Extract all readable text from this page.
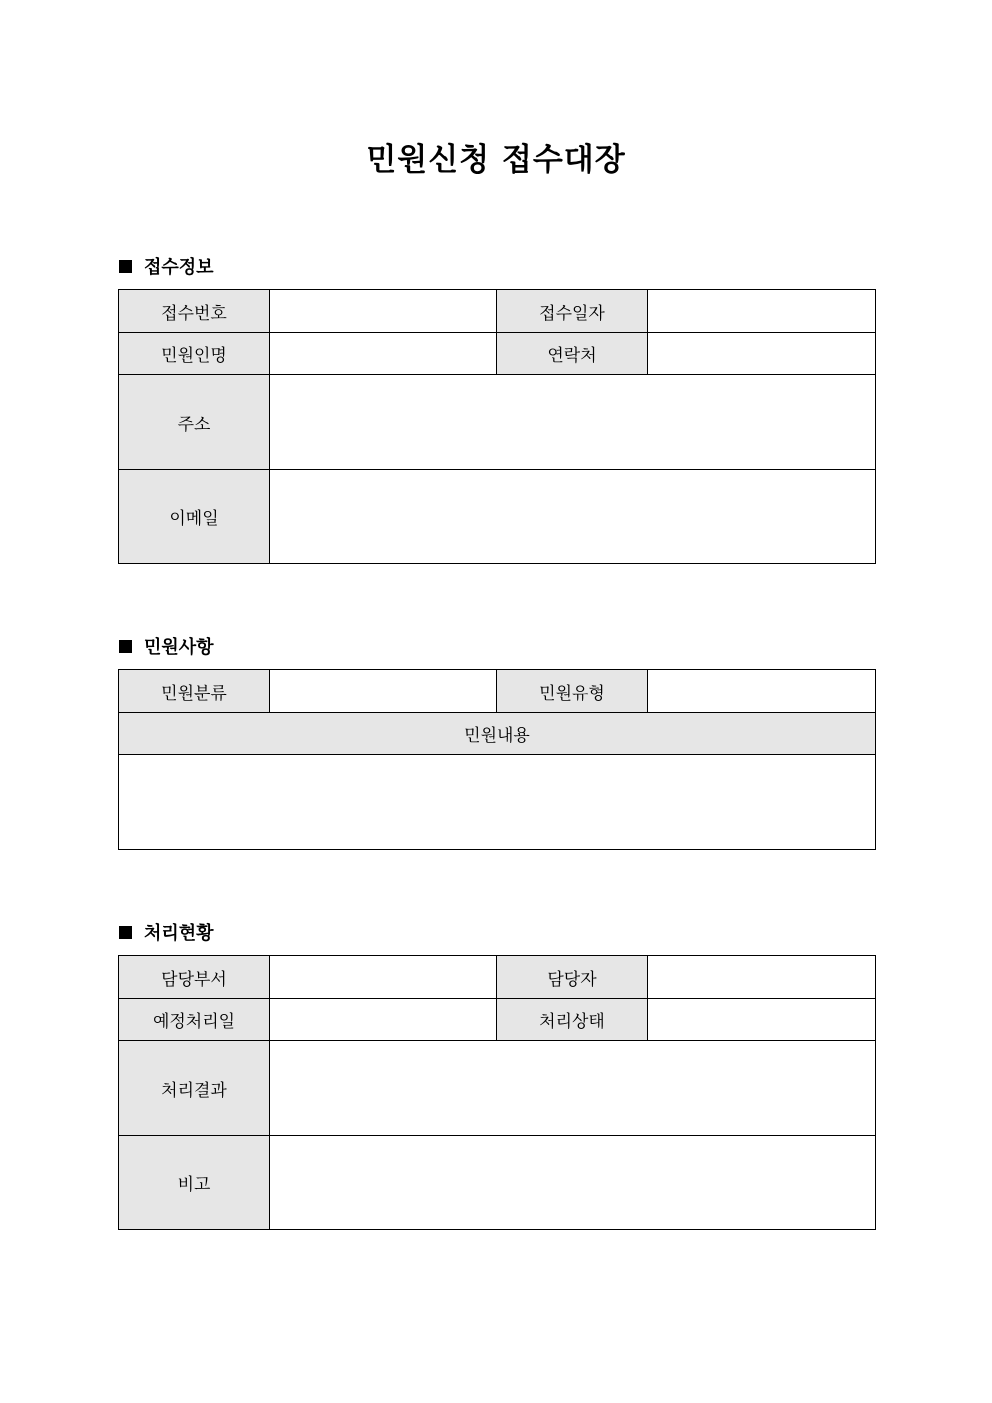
민원신청 접수대장
접수정보
접수번호		접수일자	
민원인명		연락처	
주소			
이메일			
민원사항
민원분류		민원유형	
민원내용

처리현황
담당부서		담당자	
예정처리일		처리상태	
처리결과			
비고			
